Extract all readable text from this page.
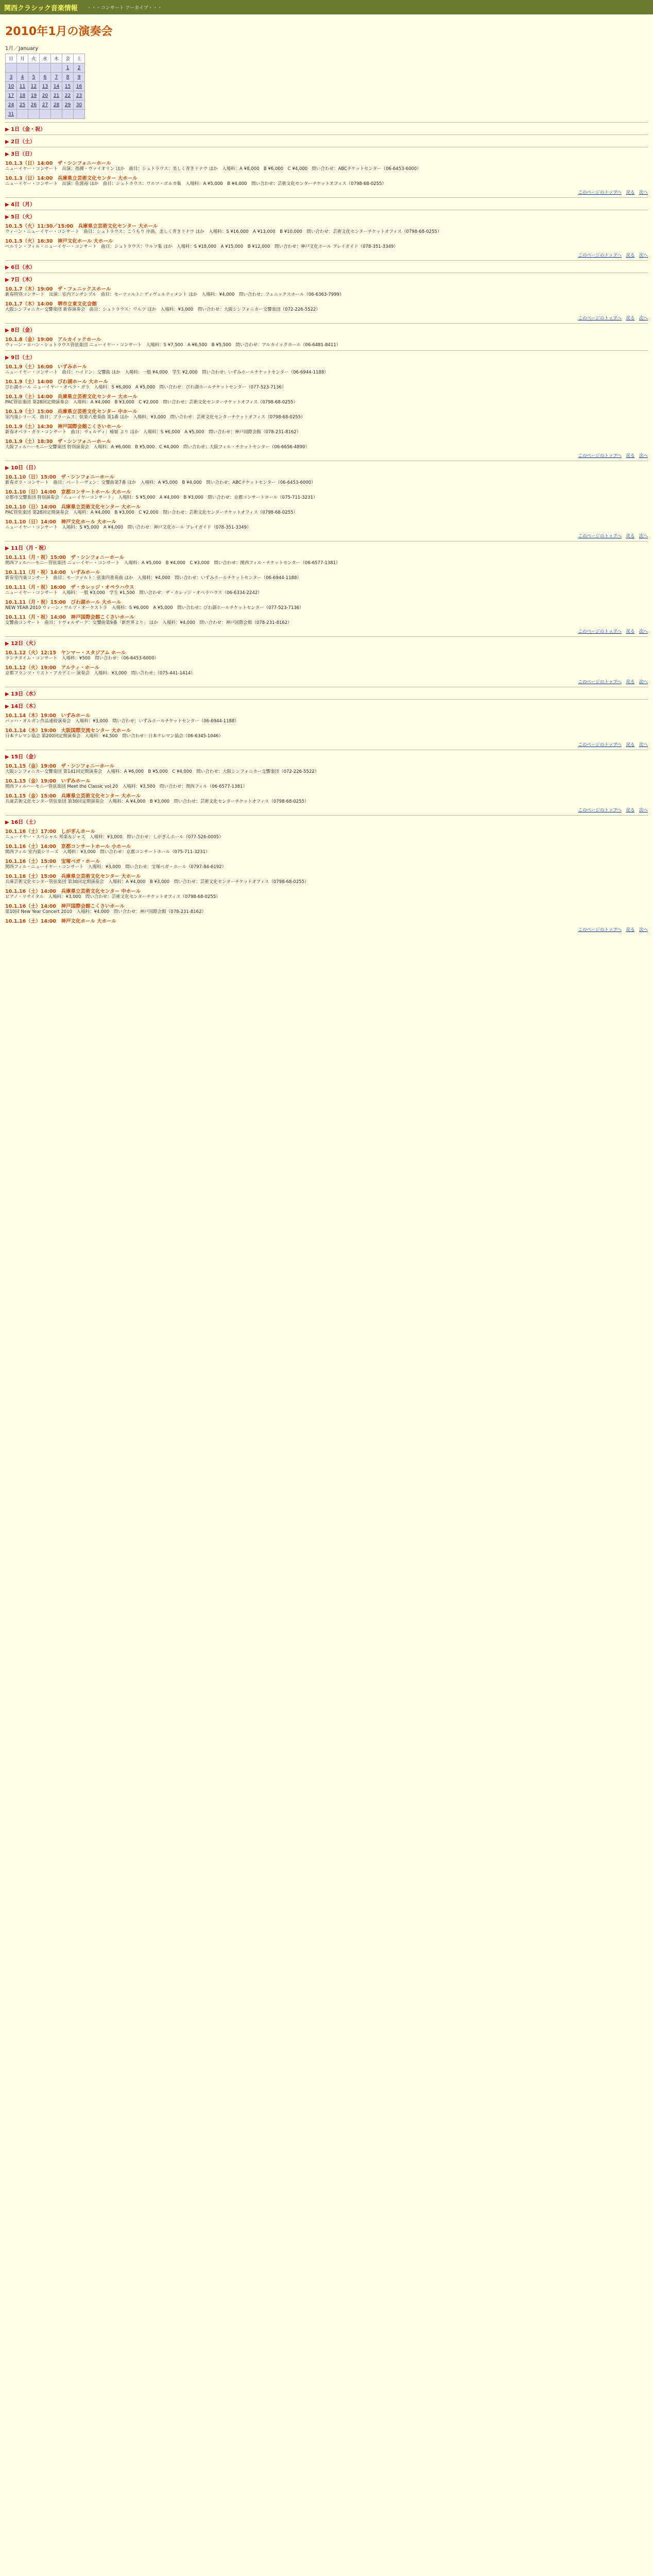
関西クラシック音楽情報 ・・・コンサート アーカイブ・・・
2010年1月の演奏会
1月／January
日	月	火	水	木	金	土
					1	2
3	4	5	6	7	8	9
10	11	12	13	14	15	16
17	18	19	20	21	22	23
24	25	26	27	28	29	30
31						
▶ 1日（金・祝）
▶ 2日（土）
▶ 3日（日）
10.1.3（日）14:00　ザ・シンフォニーホール
ニューイヤー・コンサート　出演：指揮・ヴァイオリン ほか　曲目：シュトラウス：美しく青きドナウ ほか　入場料：A ¥8,000　B ¥6,000　C ¥4,000　問い合わせ：ABCチケットセンター（06-6453-6000）
10.1.3（日）14:00　兵庫県立芸術文化センター 大ホール
ニューイヤー・コンサート　出演：佐渡裕 ほか　曲目：シュトラウス：ワルツ・ポルカ集　入場料：A ¥5,000　B ¥4,000　問い合わせ：芸術文化センターチケットオフィス（0798-68-0255）
このページのトップへ　 戻る　 次へ
▶ 4日（月）
▶ 5日（火）
10.1.5（火）11:30／15:00　兵庫県立芸術文化センター 大ホール
ウィーン・ニューイヤー・コンサート　曲目：シュトラウス：こうもり 序曲、美しく青きドナウ ほか　入場料：S ¥16,000　A ¥13,000　B ¥10,000　問い合わせ：芸術文化センターチケットオフィス（0798-68-0255）
10.1.5（火）16:30　神戸文化ホール 大ホール
ベルリン・フィル・ニューイヤー・コンサート　曲目：シュトラウス：ワルツ集 ほか　入場料：S ¥18,000　A ¥15,000　B ¥12,000　問い合わせ：神戸文化ホール プレイガイド（078-351-3349）
このページのトップへ　 戻る　 次へ
▶ 6日（水）
▶ 7日（木）
10.1.7（木）19:00　ザ・フェニックスホール
新春特別コンサート　出演：室内アンサンブル　曲目：モーツァルト：ディヴェルティメント ほか　入場料：¥4,000　問い合わせ：フェニックスホール（06-6363-7999）
10.1.7（木）14:00　堺市立東文化会館
大阪シンフォニカー交響楽団 新春演奏会　曲目：シュトラウス：ワルツ ほか　入場料：¥3,000　問い合わせ：大阪シンフォニカー交響楽団（072-226-5522）
このページのトップへ　 戻る　 次へ
▶ 8日（金）
10.1.8（金）19:00　アルカイックホール
ウィーン・ヨハン・シュトラウス管弦楽団 ニューイヤー・コンサート　入場料：S ¥7,500　A ¥6,500　B ¥5,500　問い合わせ：アルカイックホール（06-6481-8411）
▶ 9日（土）
10.1.9（土）16:00　いずみホール
ニューイヤー・コンサート　曲目：ハイドン：交響曲 ほか　入場料：一般 ¥4,000　学生 ¥2,000　問い合わせ：いずみホールチケットセンター（06-6944-1188）
10.1.9（土）14:00　びわ湖ホール 大ホール
びわ湖ホール ニューイヤー・オペラ・ガラ　入場料：S ¥6,000　A ¥5,000　問い合わせ：びわ湖ホールチケットセンター（077-523-7136）
10.1.9（土）14:00　兵庫県立芸術文化センター 大ホール
PAC管弦楽団 第28回定期演奏会　入場料：A ¥4,000　B ¥3,000　C ¥2,000　問い合わせ：芸術文化センターチケットオフィス（0798-68-0255）
10.1.9（土）15:00　兵庫県立芸術文化センター 中ホール
室内楽シリーズ　曲目：ブラームス：弦楽六重奏曲 第1番 ほか　入場料：¥3,000　問い合わせ：芸術文化センターチケットオフィス（0798-68-0255）
10.1.9（土）14:30　神戸国際会館こくさいホール
新春オペラ・ガラ・コンサート　曲目：ヴェルディ：椿姫 より ほか　入場料：S ¥6,000　A ¥5,000　問い合わせ：神戸国際会館（078-231-8162）
10.1.9（土）18:30　ザ・シンフォニーホール
大阪フィルハーモニー交響楽団 特別演奏会　入場料：A ¥6,000　B ¥5,000　C ¥4,000　問い合わせ：大阪フィル・チケットセンター（06-6656-4890）
このページのトップへ　 戻る　 次へ
▶ 10日（日）
10.1.10（日）15:00　ザ・シンフォニーホール
新春ガラ・コンサート　曲目：ベートーヴェン：交響曲第7番 ほか　入場料：A ¥5,000　B ¥4,000　問い合わせ：ABCチケットセンター（06-6453-6000）
10.1.10（日）14:00　京都コンサートホール 大ホール
京都市交響楽団 特別演奏会「ニューイヤーコンサート」　入場料：S ¥5,000　A ¥4,000　B ¥3,000　問い合わせ：京都コンサートホール（075-711-3231）
10.1.10（日）14:00　兵庫県立芸術文化センター 大ホール
PAC管弦楽団 第28回定期演奏会　入場料：A ¥4,000　B ¥3,000　C ¥2,000　問い合わせ：芸術文化センターチケットオフィス（0798-68-0255）
10.1.10（日）14:00　神戸文化ホール 大ホール
ニューイヤー・コンサート　入場料：S ¥5,000　A ¥4,000　問い合わせ：神戸文化ホール プレイガイド（078-351-3349）
このページのトップへ　 戻る　 次へ
▶ 11日（月・祝）
10.1.11（月・祝）15:00　ザ・シンフォニーホール
関西フィルハーモニー管弦楽団 ニューイヤー・コンサート　入場料：A ¥5,000　B ¥4,000　C ¥3,000　問い合わせ：関西フィル・チケットセンター（06-6577-1381）
10.1.11（月・祝）14:00　いずみホール
新春室内楽コンサート　曲目：モーツァルト：弦楽四重奏曲 ほか　入場料：¥4,000　問い合わせ：いずみホールチケットセンター（06-6944-1188）
10.1.11（月・祝）16:00　ザ・カレッジ・オペラハウス
ニューイヤー・コンサート　入場料：一般 ¥3,000　学生 ¥1,500　問い合わせ：ザ・カレッジ・オペラハウス（06-6334-2242）
10.1.11（月・祝）15:00　びわ湖ホール 大ホール
NEW YEAR 2010 ウィーン・ワルツ・オーケストラ　入場料：S ¥6,000　A ¥5,000　問い合わせ：びわ湖ホールチケットセンター（077-523-7136）
10.1.11（月・祝）14:00　神戸国際会館こくさいホール
交響曲コンサート　曲目：ドヴォルザーク：交響曲第9番「新世界より」 ほか　入場料：¥4,000　問い合わせ：神戸国際会館（078-231-8162）
このページのトップへ　 戻る　 次へ
▶ 12日（火）
10.1.12（火）12:15　ヤンマー・スタジアム ホール
ランチタイム・コンサート　入場料：¥500　問い合わせ：（06-6453-6000）
10.1.12（火）19:00　アルティ・ホール
京都フランツ・リスト・アカデミー 演奏会　入場料：¥3,000　問い合わせ：（075-441-1414）
このページのトップへ　 戻る　 次へ
▶ 13日（水）
▶ 14日（木）
10.1.14（木）19:00　いずみホール
バッハ・オルガン作品連続演奏会　入場料：¥3,000　問い合わせ：いずみホールチケットセンター（06-6944-1188）
10.1.14（木）19:00　大阪国際交流センター 大ホール
日本テレマン協会 第200回定期演奏会　入場料：¥4,500　問い合わせ：日本テレマン協会（06-6345-1046）
このページのトップへ　 戻る　 次へ
▶ 15日（金）
10.1.15（金）19:00　ザ・シンフォニーホール
大阪シンフォニカー交響楽団 第141回定期演奏会　入場料：A ¥6,000　B ¥5,000　C ¥4,000　問い合わせ：大阪シンフォニカー交響楽団（072-226-5522）
10.1.15（金）19:00　いずみホール
関西フィルハーモニー管弦楽団 Meet the Classic vol.20　入場料：¥3,500　問い合わせ：関西フィル（06-6577-1381）
10.1.15（金）15:00　兵庫県立芸術文化センター 大ホール
兵庫芸術文化センター管弦楽団 第30回定期演奏会　入場料：A ¥4,000　B ¥3,000　問い合わせ：芸術文化センターチケットオフィス（0798-68-0255）
このページのトップへ　 戻る　 次へ
▶ 16日（土）
10.1.16（土）17:00　しがぎんホール
ニューイヤー・スペシャル 邦楽＆ジャズ　入場料：¥3,000　問い合わせ：しがぎんホール（077-526-0005）
10.1.16（土）14:00　京都コンサートホール 小ホール
関西フィル 室内楽シリーズ　入場料：¥3,000　問い合わせ：京都コンサートホール（075-711-3231）
10.1.16（土）15:00　宝塚ベガ・ホール
関西フィル・ニューイヤー・コンサート　入場料：¥3,000　問い合わせ：宝塚ベガ・ホール（0797-84-6192）
10.1.16（土）15:00　兵庫県立芸術文化センター 大ホール
兵庫芸術文化センター管弦楽団 第30回定期演奏会　入場料：A ¥4,000　B ¥3,000　問い合わせ：芸術文化センターチケットオフィス（0798-68-0255）
10.1.16（土）14:00　兵庫県立芸術文化センター 中ホール
ピアノ・リサイタル　入場料：¥3,000　問い合わせ：芸術文化センターチケットオフィス（0798-68-0255）
10.1.16（土）14:00　神戸国際会館こくさいホール
第10回 New Year Concert 2010　入場料：¥4,000　問い合わせ：神戸国際会館（078-231-8162）
10.1.16（土）14:00　神戸文化ホール 大ホール
このページのトップへ　 戻る　 次へ
